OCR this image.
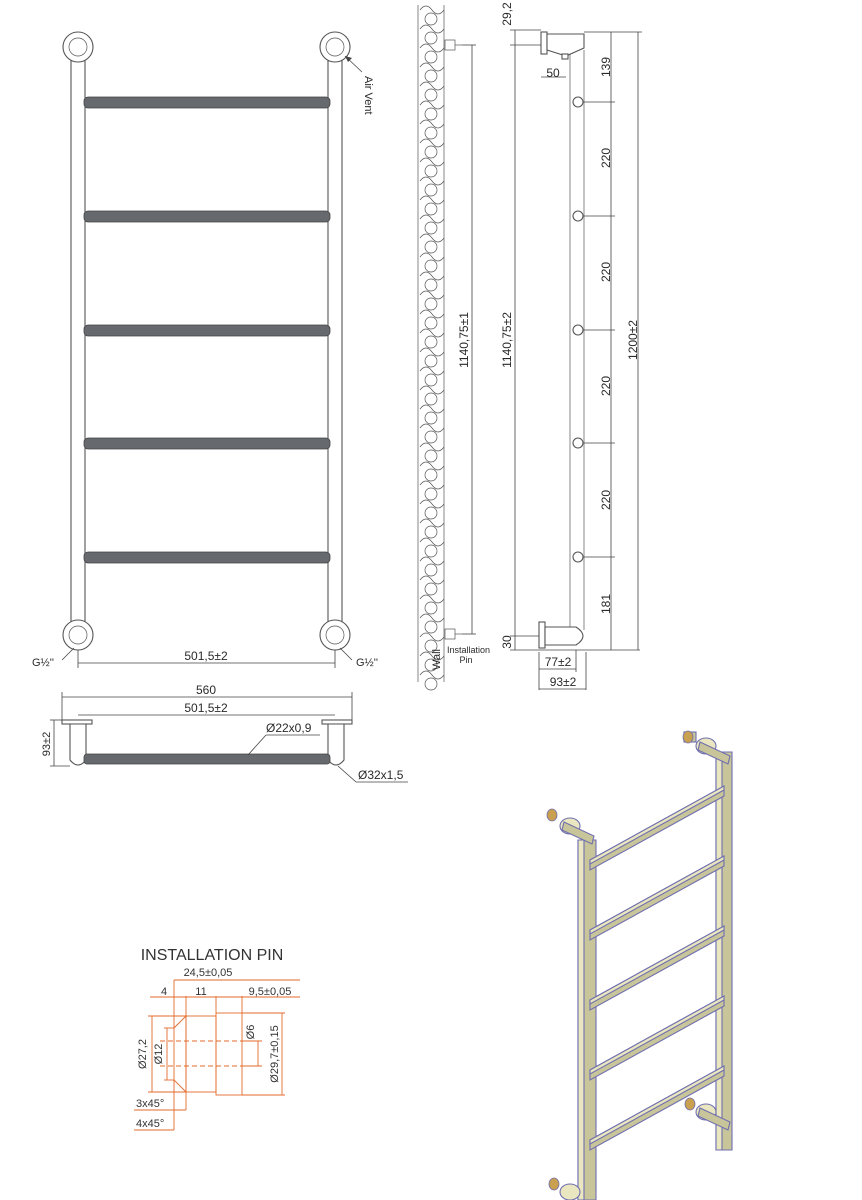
Air Vent
G½''	G½''
501,5±2
560
501,5±2
93±2
Ø22x0,9
Ø32x1,5
1140,75±1
Wall Installation
Pin
29,2
1140,75±2
30
50	139
220
220
220
220
181
1200±2
77±2
93±2
INSTALLATION PIN
24,5±0,05
4	11	9,5±0,05
Ø27,2 Ø12
Ø6 Ø29,7±0,15
3x45°
4x45°
